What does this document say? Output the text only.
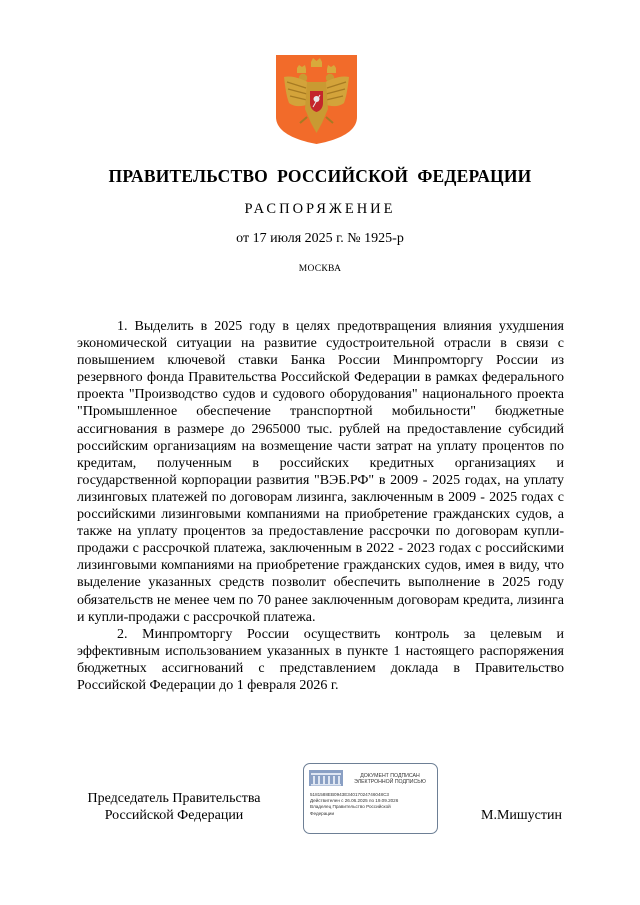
ПРАВИТЕЛЬСТВО  РОССИЙСКОЙ  ФЕДЕРАЦИИ
РАСПОРЯЖЕНИЕ
от 17 июля 2025 г. № 1925-р
МОСКВА

1. Выделить в 2025 году в целях предотвращения влияния ухудшения экономической ситуации на развитие судостроительной отрасли в связи с повышением ключевой ставки Банка России Минпромторгу России из резервного фонда Правительства Российской Федерации в рамках федерального проекта "Производство судов и судового оборудования" национального проекта "Промышленное обеспечение транспортной мобильности" бюджетные ассигнования в размере до 2965000 тыс. рублей на предоставление субсидий российским организациям на возмещение части затрат на уплату процентов по кредитам, полученным в российских кредитных организациях и государственной корпорации развития "ВЭБ.РФ" в 2009 - 2025 годах, на уплату лизинговых платежей по договорам лизинга, заключенным в 2009 - 2025 годах с российскими лизинговыми компаниями на приобретение гражданских судов, а также на уплату процентов за предоставление рассрочки по договорам купли-продажи с рассрочкой платежа, заключенным в 2022 - 2023 годах с российскими лизинговыми компаниями на приобретение гражданских судов, имея в виду, что выделение указанных средств позволит обеспечить выполнение в 2025 году обязательств не менее чем по 70 ранее заключенным договорам кредита, лизинга и купли-продажи с рассрочкой платежа.

2. Минпромторгу России осуществить контроль за целевым и эффективным использованием указанных в пункте 1 настоящего распоряжения бюджетных ассигнований с представлением доклада в Правительство Российской Федерации до 1 февраля 2026 г.

Председатель Правительства
Российской Федерации
ДОКУМЕНТ ПОДПИСАН
ЭЛЕКТРОННОЙ ПОДПИСЬЮ
5181588EB0943E34017024746048C3
Действителен с 26.06.2025 по 19.09.2026
Владелец Правительство Российской
Федерации	М.Мишустин
